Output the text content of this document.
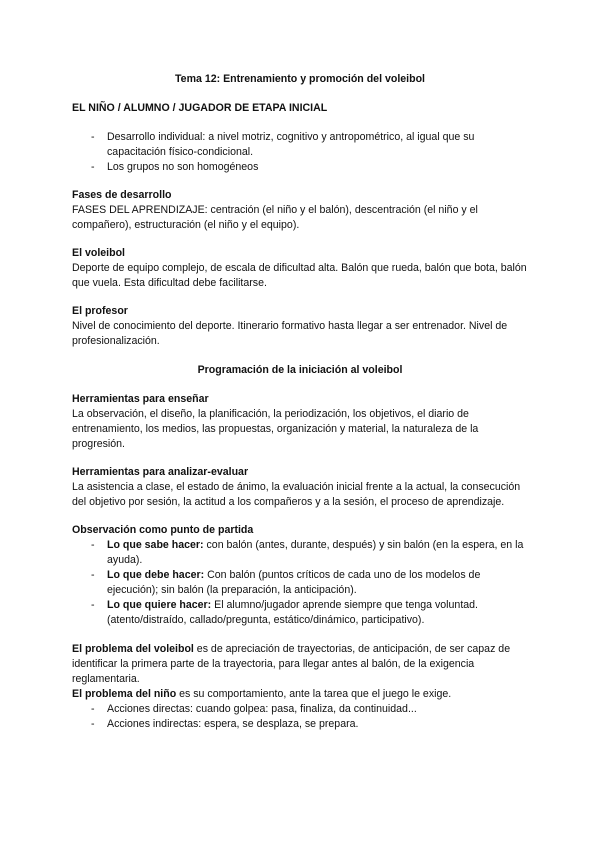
Tema 12: Entrenamiento y promoción del voleibol

EL NIÑO / ALUMNO / JUGADOR DE ETAPA INICIAL
- Desarrollo individual: a nivel motriz, cognitivo y antropométrico, al igual que su capacitación físico-condicional.
- Los grupos no son homogéneos
Fases de desarrollo

FASES DEL APRENDIZAJE: centración (el niño y el balón), descentración (el niño y el compañero), estructuración (el niño y el equipo).

El voleibol

Deporte de equipo complejo, de escala de dificultad alta. Balón que rueda, balón que bota, balón que vuela. Esta dificultad debe facilitarse.

El profesor

Nivel de conocimiento del deporte. Itinerario formativo hasta llegar a ser entrenador. Nivel de profesionalización.

Programación de la iniciación al voleibol
Herramientas para enseñar

La observación, el diseño, la planificación, la periodización, los objetivos, el diario de entrenamiento, los medios, las propuestas, organización y material, la naturaleza de la progresión.

Herramientas para analizar-evaluar

La asistencia a clase, el estado de ánimo, la evaluación inicial frente a la actual, la consecución del objetivo por sesión, la actitud a los compañeros y a la sesión, el proceso de aprendizaje.

Observación como punto de partida
- Lo que sabe hacer: con balón (antes, durante, después) y sin balón (en la espera, en la ayuda).
- Lo que debe hacer: Con balón (puntos críticos de cada uno de los modelos de ejecución); sin balón (la preparación, la anticipación).
- Lo que quiere hacer: El alumno/jugador aprende siempre que tenga voluntad. (atento/distraído, callado/pregunta, estático/dinámico, participativo).

El problema del voleibol es de apreciación de trayectorias, de anticipación, de ser capaz de identificar la primera parte de la trayectoria, para llegar antes al balón, de la exigencia reglamentaria.

El problema del niño es su comportamiento, ante la tarea que el juego le exige.

- Acciones directas: cuando golpea: pasa, finaliza, da continuidad...
- Acciones indirectas: espera, se desplaza, se prepara.
